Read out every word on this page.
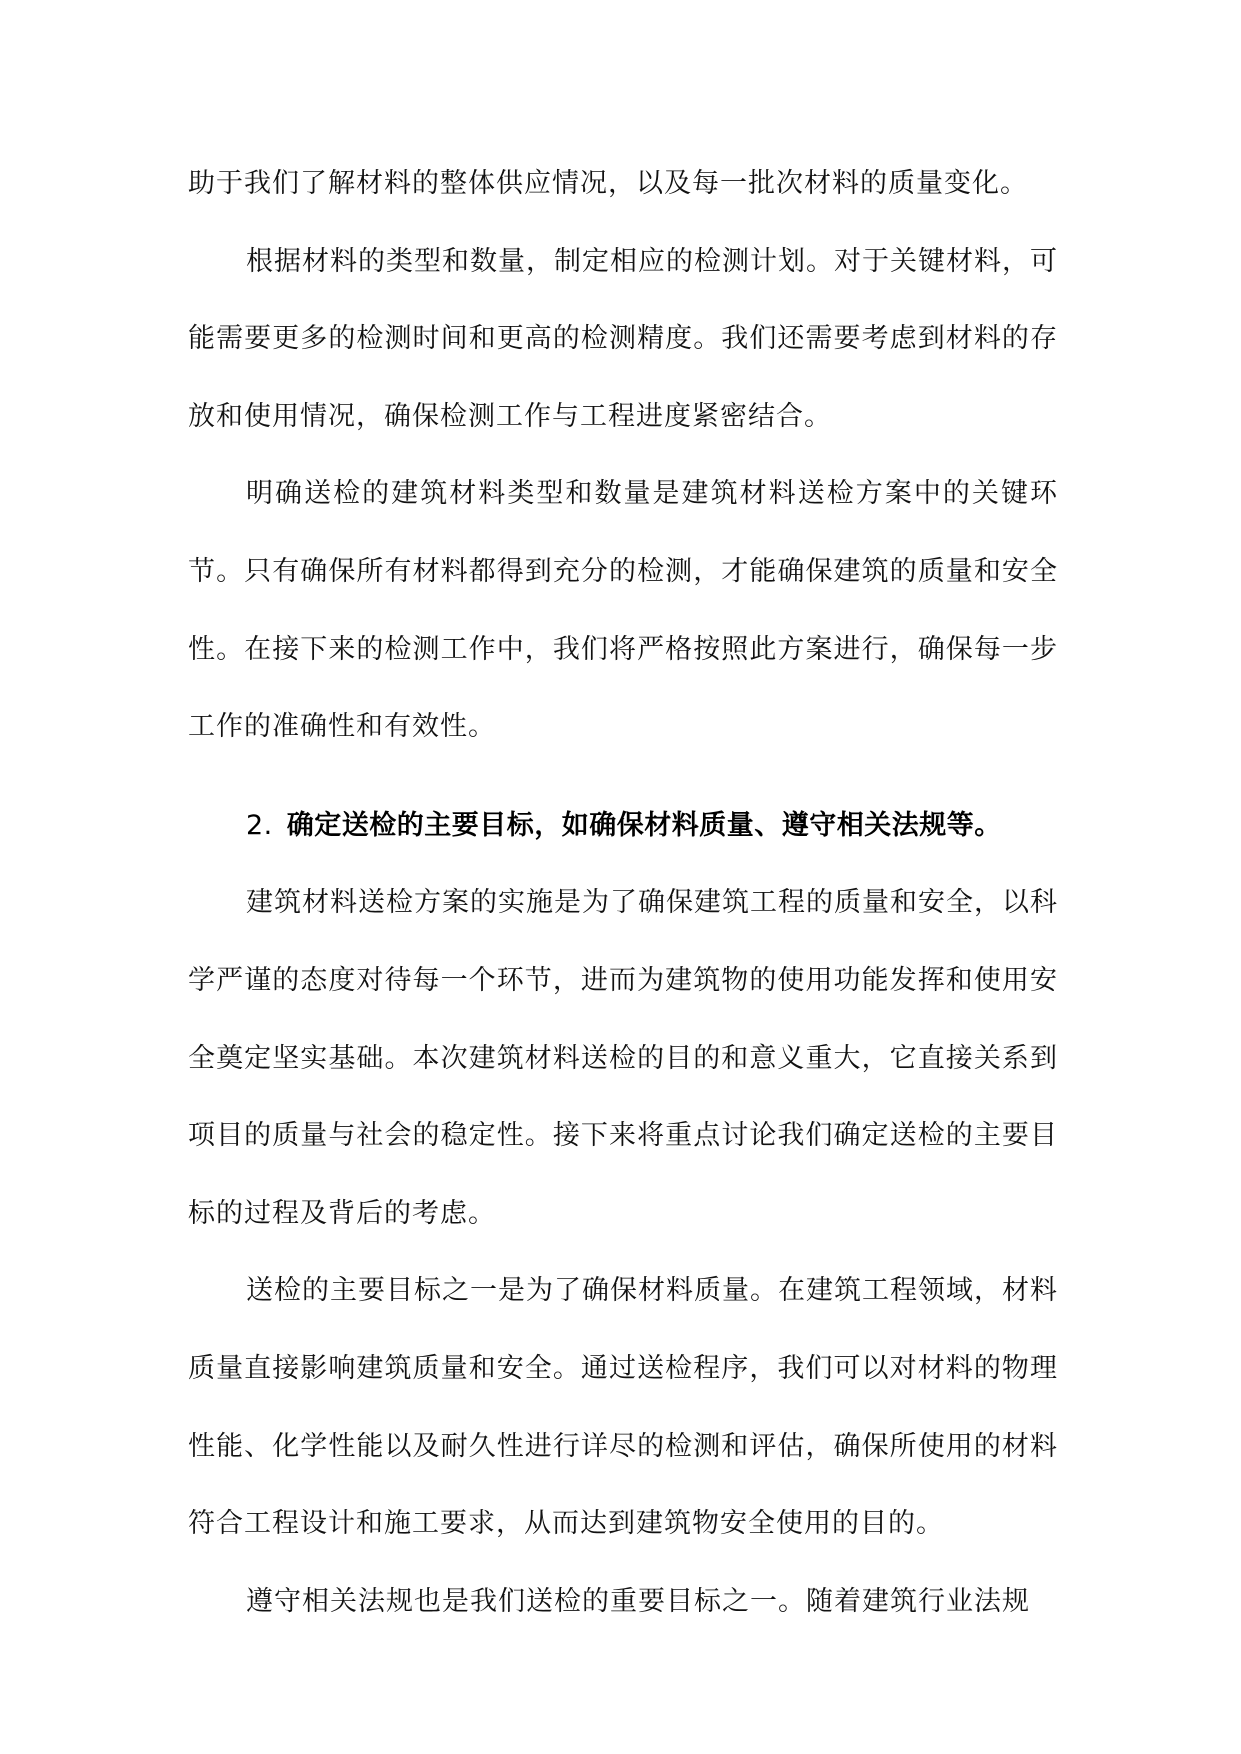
助于我们了解材料的整体供应情况，以及每一批次材料的质量变化。

根据材料的类型和数量，制定相应的检测计划。对于关键材料，可能需要更多的检测时间和更高的检测精度。我们还需要考虑到材料的存放和使用情况，确保检测工作与工程进度紧密结合。

明确送检的建筑材料类型和数量是建筑材料送检方案中的关键环节。只有确保所有材料都得到充分的检测，才能确保建筑的质量和安全性。在接下来的检测工作中，我们将严格按照此方案进行，确保每一步工作的准确性和有效性。

2. 确定送检的主要目标，如确保材料质量、遵守相关法规等。

建筑材料送检方案的实施是为了确保建筑工程的质量和安全，以科学严谨的态度对待每一个环节，进而为建筑物的使用功能发挥和使用安全奠定坚实基础。本次建筑材料送检的目的和意义重大，它直接关系到项目的质量与社会的稳定性。接下来将重点讨论我们确定送检的主要目标的过程及背后的考虑。

送检的主要目标之一是为了确保材料质量。在建筑工程领域，材料质量直接影响建筑质量和安全。通过送检程序，我们可以对材料的物理性能、化学性能以及耐久性进行详尽的检测和评估，确保所使用的材料符合工程设计和施工要求，从而达到建筑物安全使用的目的。

遵守相关法规也是我们送检的重要目标之一。随着建筑行业法规
